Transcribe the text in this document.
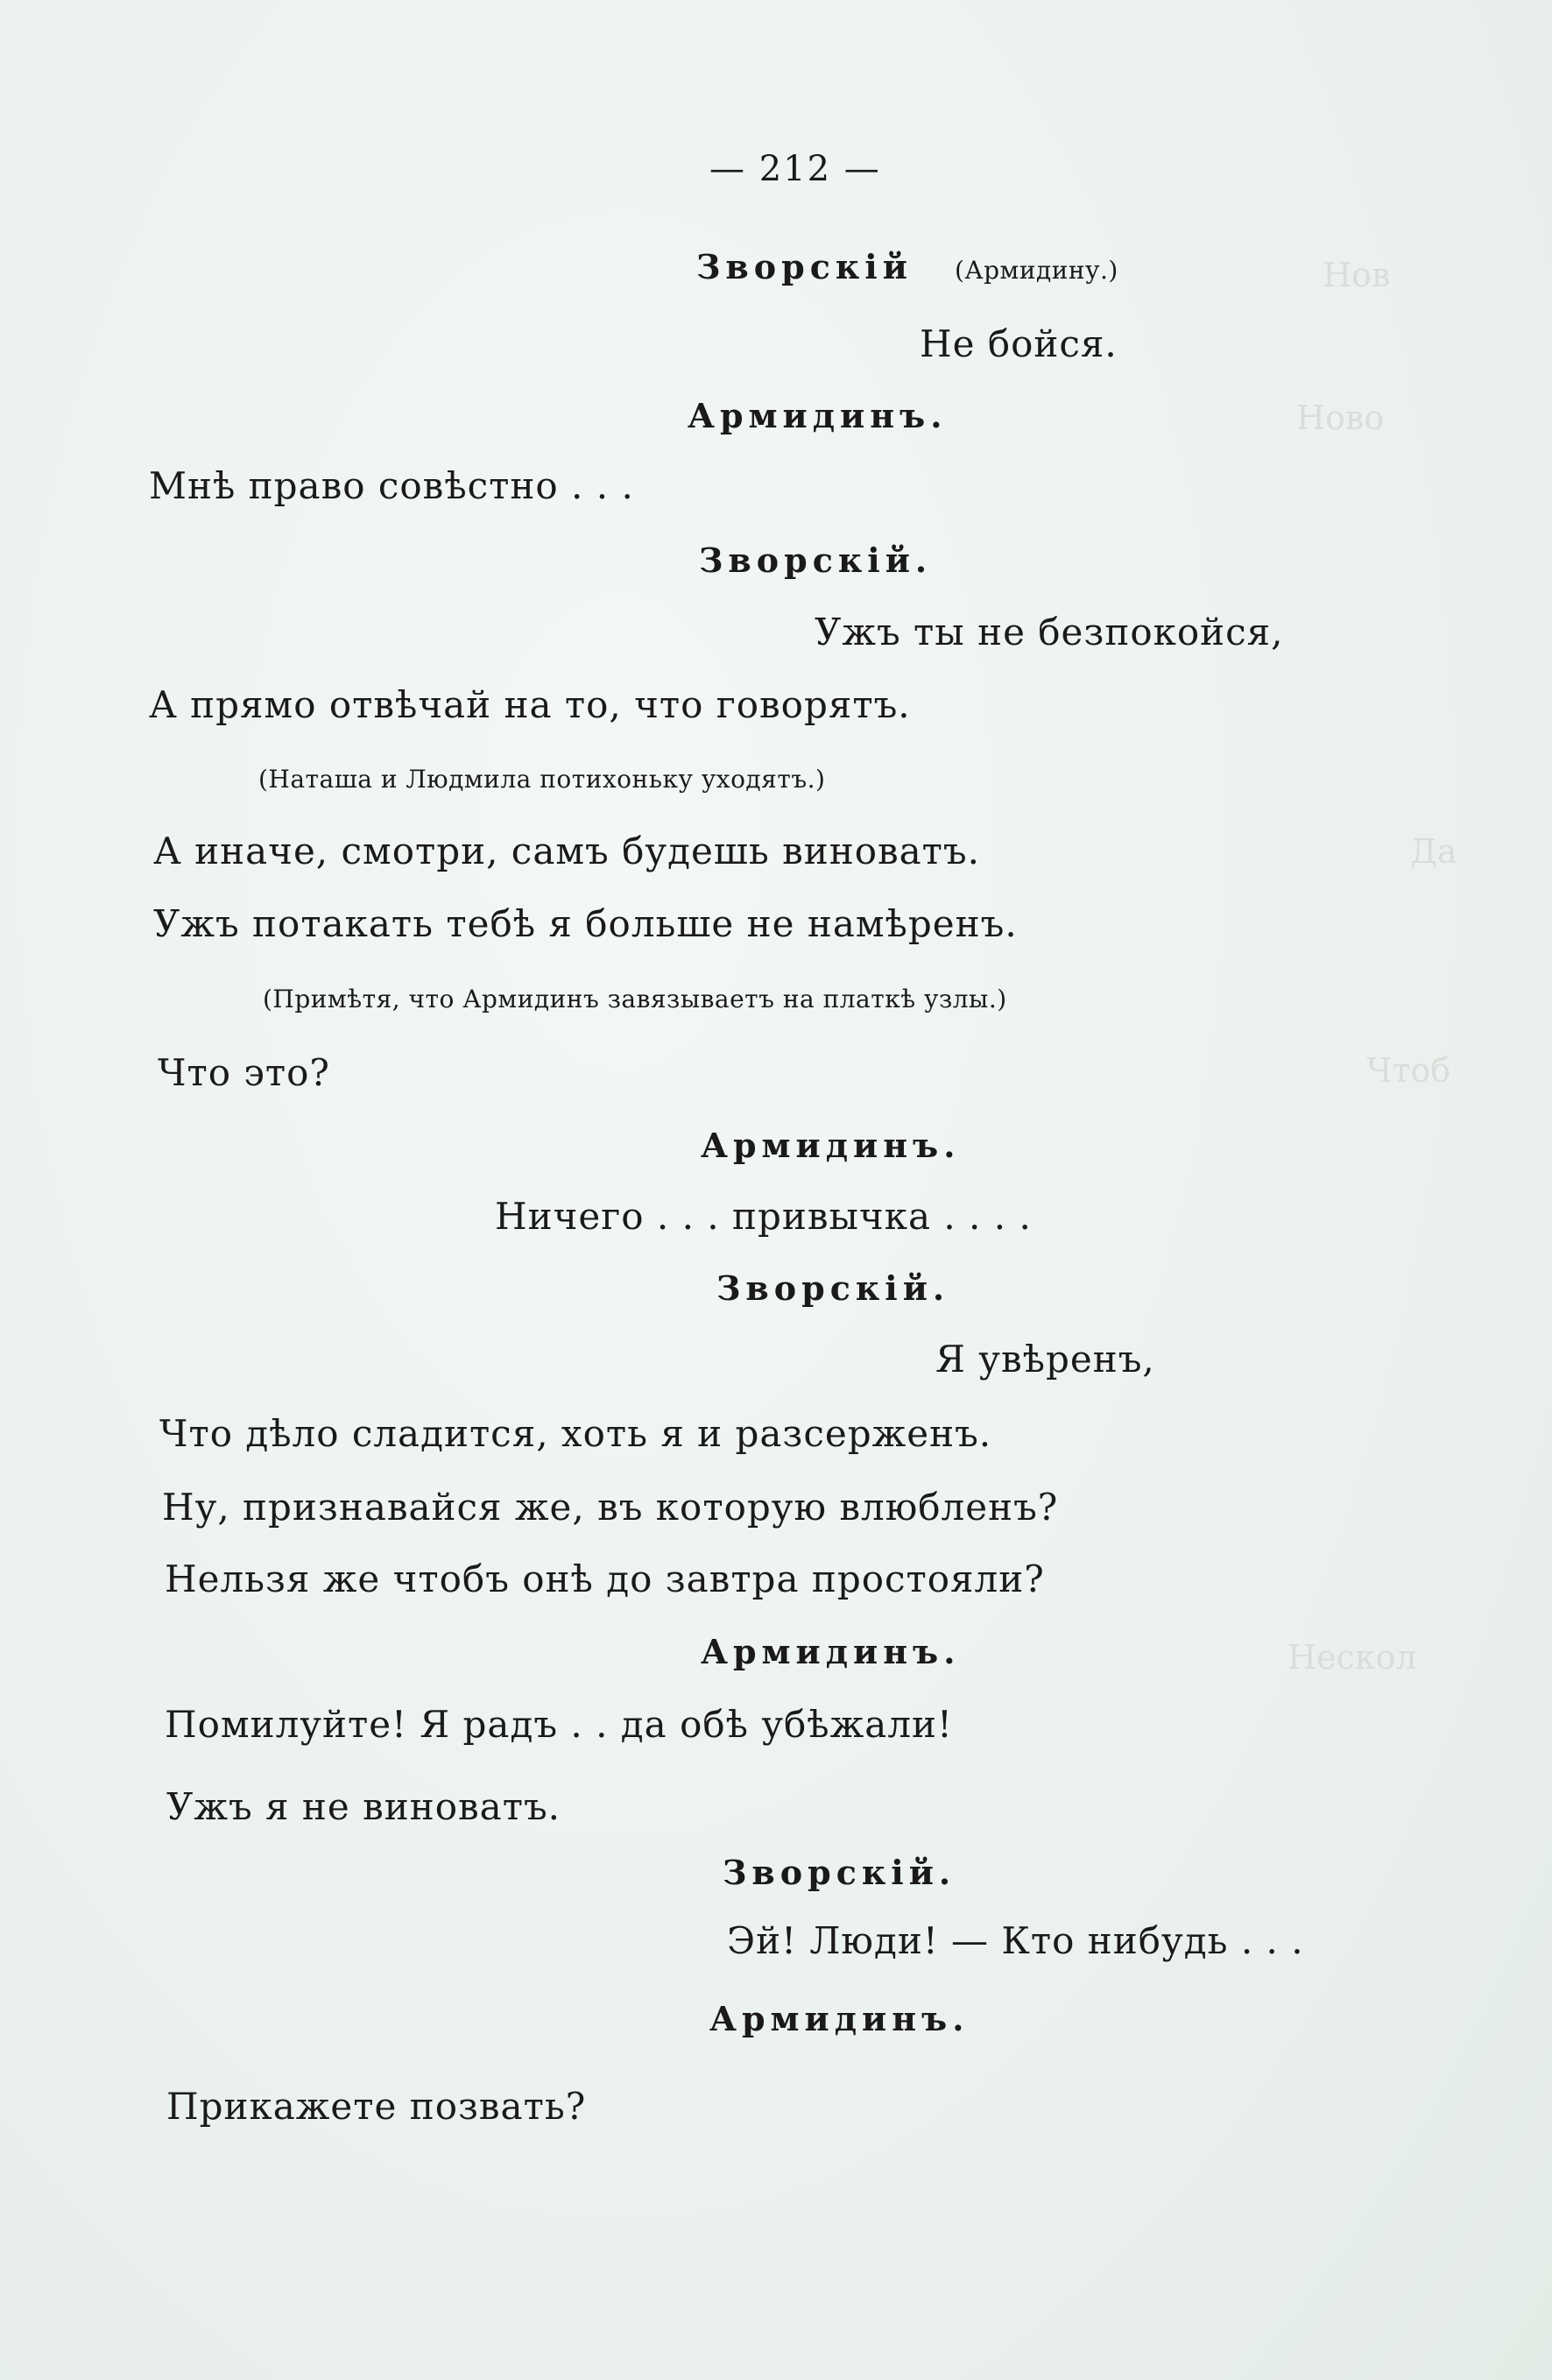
Нов
Ново
Да
Чтоб
Нескол
— 212 —
Зворскій (Армидину.)
Не бойся.
Армидинъ.
Мнѣ право совѣстно . . .
Зворскій.
Ужъ ты не безпокойся,
А прямо отвѣчай на то, что говорятъ.
(Наташа и Людмила потихоньку уходятъ.)
А иначе, смотри, самъ будешь виноватъ.
Ужъ потакать тебѣ я больше не намѣренъ.
(Примѣтя, что Армидинъ завязываетъ на платкѣ узлы.)
Что это?
Армидинъ.
Ничего . . . привычка . . . .
Зворскій.
Я увѣренъ,
Что дѣло сладится, хоть я и разсерженъ.
Ну, признавайся же, въ которую влюбленъ?
Нельзя же чтобъ онѣ до завтра простояли?
Армидинъ.
Помилуйте! Я радъ . . да обѣ убѣжали!
Ужъ я не виноватъ.
Зворскій.
Эй! Люди! — Кто нибудь . . .
Армидинъ.
Прикажете позвать?
